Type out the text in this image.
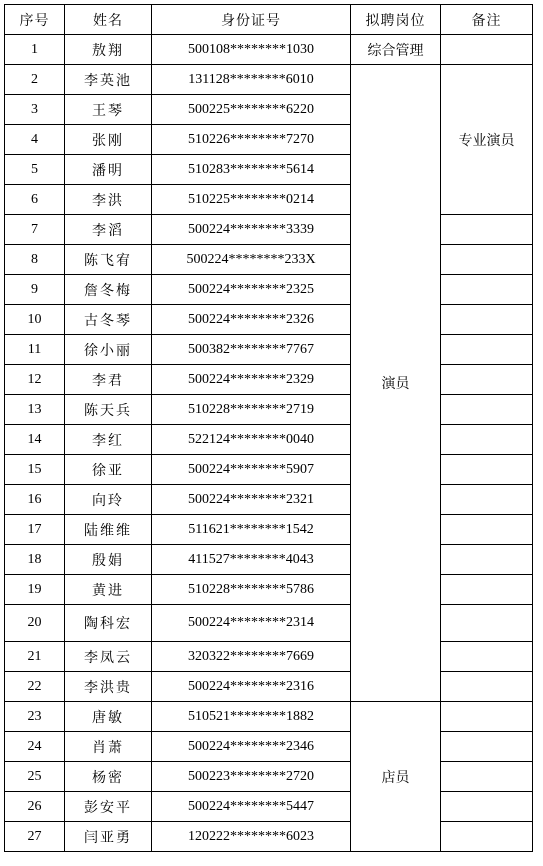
序号	姓名	身份证号	拟聘岗位	备注
1	敖翔	500108********1030	综合管理	
2	李英池	131128********6010	演员	专业演员
3	王琴	500225********6220		
4	张刚	510226********7270		
5	潘明	510283********5614		
6	李洪	510225********0214		
7	李滔	500224********3339		
8	陈飞宥	500224********233X		
9	詹冬梅	500224********2325		
10	古冬琴	500224********2326		
11	徐小丽	500382********7767		
12	李君	500224********2329		
13	陈天兵	510228********2719		
14	李红	522124********0040		
15	徐亚	500224********5907		
16	向玲	500224********2321		
17	陆维维	511621********1542		
18	殷娟	411527********4043		
19	黄进	510228********5786		
20	陶科宏	500224********2314		
21	李凤云	320322********7669		
22	李洪贵	500224********2316		
23	唐敏	510521********1882	店员	
24	肖萧	500224********2346		
25	杨密	500223********2720		
26	彭安平	500224********5447		
27	闫亚勇	120222********6023		
